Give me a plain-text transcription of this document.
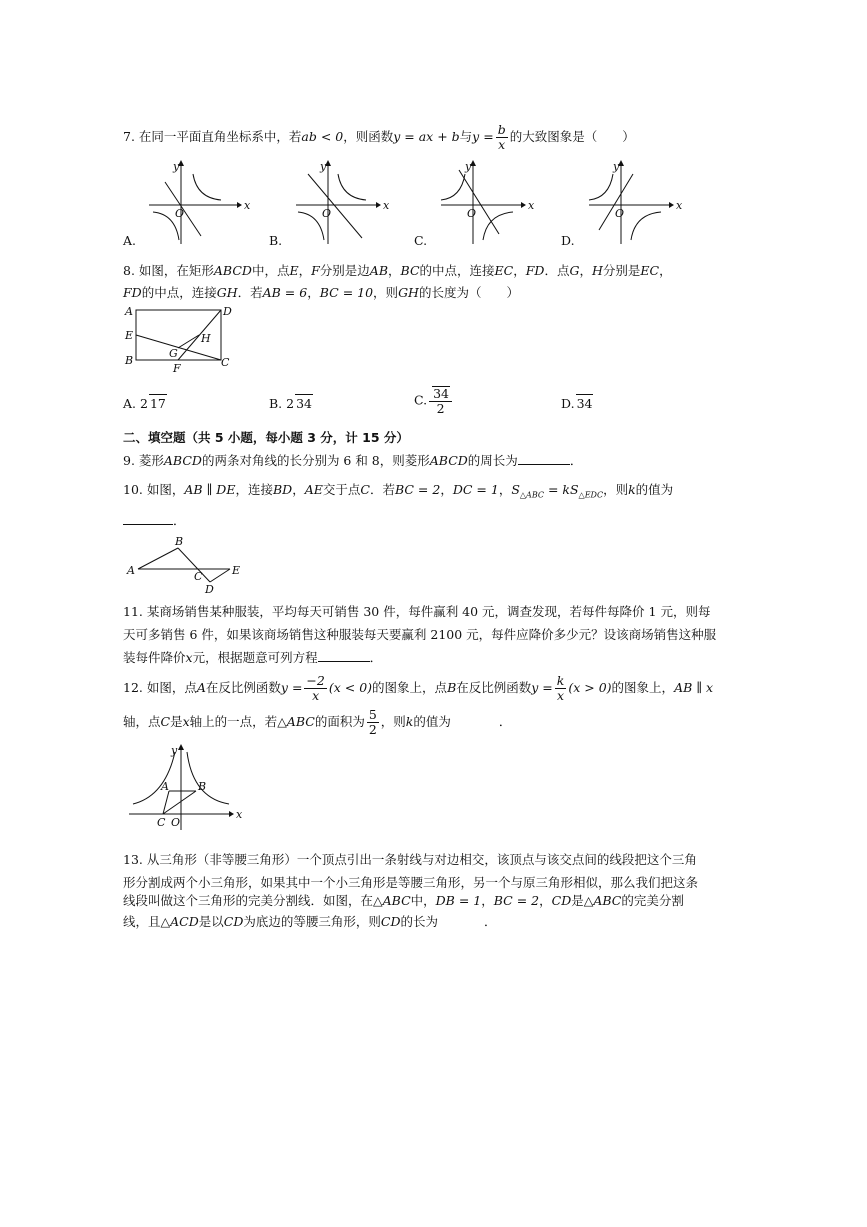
7. 在同一平面直角坐标系中，若ab < 0，则函数y = ax + b与$y = \frac{b}{x}$ 的大致图象是（　　）
x
y
O
A.
x
y
O
B.
x
y
O
C.
x
y
O
D.
8. 如图，在矩形ABCD中，点E，F分别是边AB，BC的中点，连接EC，FD．点G，H分别是EC，
FD的中点，连接GH．若AB = 6，BC = 10，则GH的长度为（　　）
A	D
E	H
B
G
C
F
A. 2 17	B. 2 34	C. $\frac{34}{2}$	D. 34
二、填空题（共 5 小题，每小题 3 分，计 15 分）
9. 菱形ABCD的两条对角线的长分别为 6 和 8，则菱形ABCD的周长为	．
10. 如图，AB ∥ DE，连接BD，AE交于点C．若BC = 2，DC = 1，$S_{\triangle ABC} = kS_{\triangle EDC}$，则k的值为
．
B
A	C	E
D
11. 某商场销售某种服装，平均每天可销售 30 件，每件赢利 40 元，调查发现，若每件每降价 1 元，则每
天可多销售 6 件，如果该商场销售这种服装每天要赢利 2100 元，每件应降价多少元？设该商场销售这种服
装每件降价x元，根据题意可列方程	．
12. 如图，点A在反比例函数$y = \frac{-2}{x} (x < 0)$的图象上，点B在反比例函数$y = \frac{k}{x} (x > 0)$的图象上，AB ∥ x
轴，点C是x轴上的一点，若△ABC的面积为 $\frac{5}{2}$ ，则k的值为	．
y
x
O
A	B
C
13. 从三角形（非等腰三角形）一个顶点引出一条射线与对边相交，该顶点与该交点间的线段把这个三角
形分割成两个小三角形，如果其中一个小三角形是等腰三角形，另一个与原三角形相似，那么我们把这条
线段叫做这个三角形的完美分割线．如图，在△ABC中，DB = 1，BC = 2，CD是△ABC的完美分割
线，且△ACD是以CD为底边的等腰三角形，则CD的长为	．
